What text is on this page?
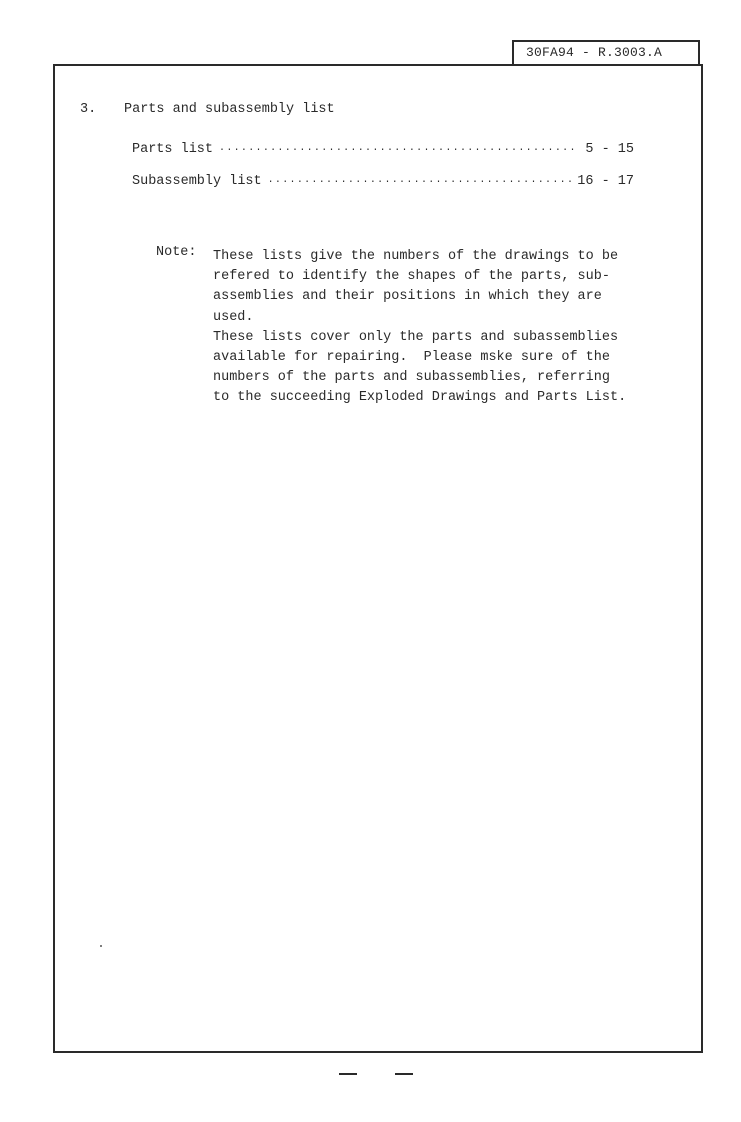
30FA94 - R.3003.A
3. Parts and subassembly list
Parts list ·····	5 - 15
Subassembly list ·····	16 - 17
Note: These lists give the numbers of the drawings to be
refered to identify the shapes of the parts, sub-
assemblies and their positions in which they are
used.
These lists cover only the parts and subassemblies
available for repairing.  Please mske sure of the
numbers of the parts and subassemblies, referring
to the succeeding Exploded Drawings and Parts List.
